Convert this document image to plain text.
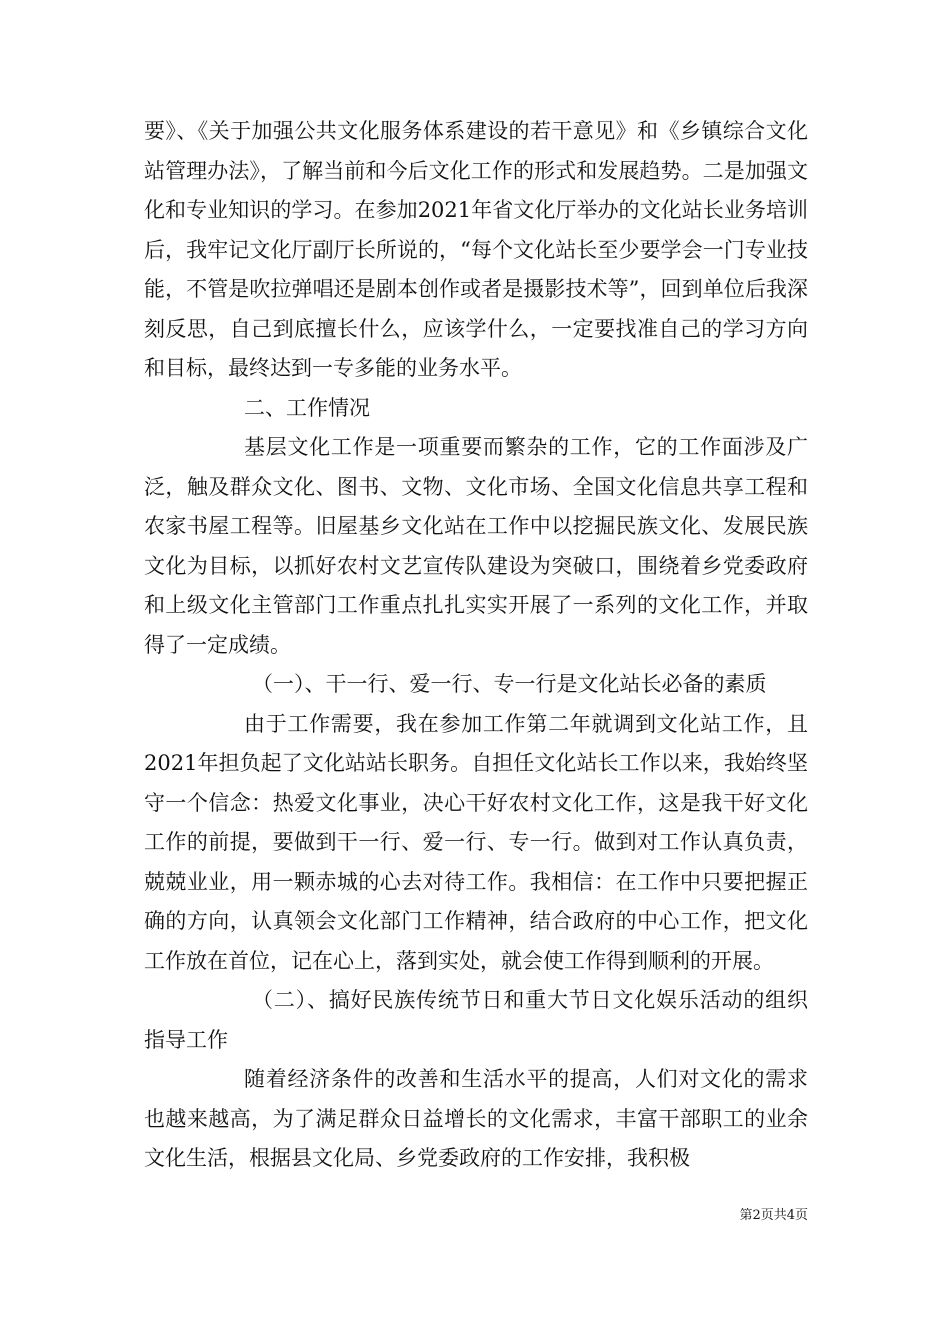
要》、《关于加强公共文化服务体系建设的若干意见》和《乡镇综合文化站管理办法》，了解当前和今后文化工作的形式和发展趋势。二是加强文化和专业知识的学习。在参加2021年省文化厅举办的文化站长业务培训后，我牢记文化厅副厅长所说的，“每个文化站长至少要学会一门专业技能，不管是吹拉弹唱还是剧本创作或者是摄影技术等”，回到单位后我深刻反思，自己到底擅长什么，应该学什么，一定要找准自己的学习方向和目标，最终达到一专多能的业务水平。

二、工作情况

基层文化工作是一项重要而繁杂的工作，它的工作面涉及广泛，触及群众文化、图书、文物、文化市场、全国文化信息共享工程和农家书屋工程等。旧屋基乡文化站在工作中以挖掘民族文化、发展民族文化为目标，以抓好农村文艺宣传队建设为突破口，围绕着乡党委政府和上级文化主管部门工作重点扎扎实实开展了一系列的文化工作，并取得了一定成绩。

（一）、干一行、爱一行、专一行是文化站长必备的素质

由于工作需要，我在参加工作第二年就调到文化站工作，且2021年担负起了文化站站长职务。自担任文化站长工作以来，我始终坚守一个信念：热爱文化事业，决心干好农村文化工作，这是我干好文化工作的前提，要做到干一行、爱一行、专一行。做到对工作认真负责，兢兢业业，用一颗赤城的心去对待工作。我相信：在工作中只要把握正确的方向，认真领会文化部门工作精神，结合政府的中心工作，把文化工作放在首位，记在心上，落到实处，就会使工作得到顺利的开展。

（二）、搞好民族传统节日和重大节日文化娱乐活动的组织指导工作

随着经济条件的改善和生活水平的提高，人们对文化的需求也越来越高，为了满足群众日益增长的文化需求，丰富干部职工的业余文化生活，根据县文化局、乡党委政府的工作安排，我积极

第2页共4页
